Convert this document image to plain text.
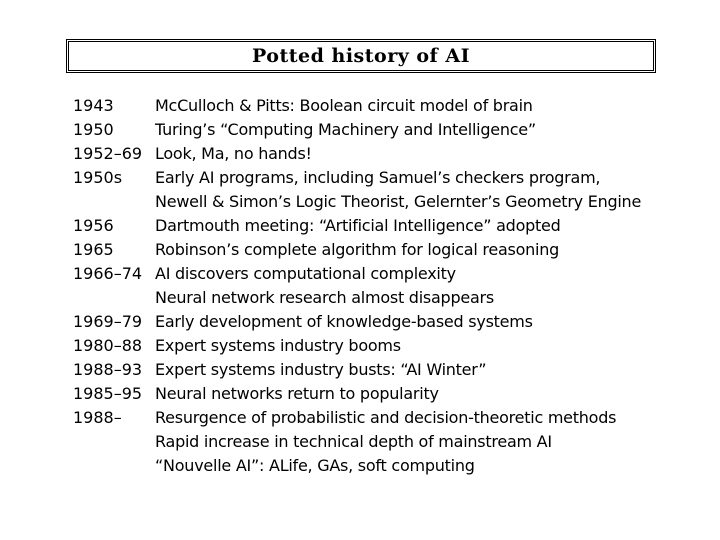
Potted history of AI
1943	McCulloch & Pitts: Boolean circuit model of brain
1950	Turing’s “Computing Machinery and Intelligence”
1952–69 Look, Ma, no hands!
1950s	Early AI programs, including Samuel’s checkers program,
Newell & Simon’s Logic Theorist, Gelernter’s Geometry Engine
1956	Dartmouth meeting: “Artificial Intelligence” adopted
1965	Robinson’s complete algorithm for logical reasoning
1966–74 AI discovers computational complexity
Neural network research almost disappears
1969–79 Early development of knowledge-based systems
1980–88 Expert systems industry booms
1988–93 Expert systems industry busts: “AI Winter”
1985–95 Neural networks return to popularity
1988–	Resurgence of probabilistic and decision-theoretic methods
Rapid increase in technical depth of mainstream AI
“Nouvelle AI”: ALife, GAs, soft computing
